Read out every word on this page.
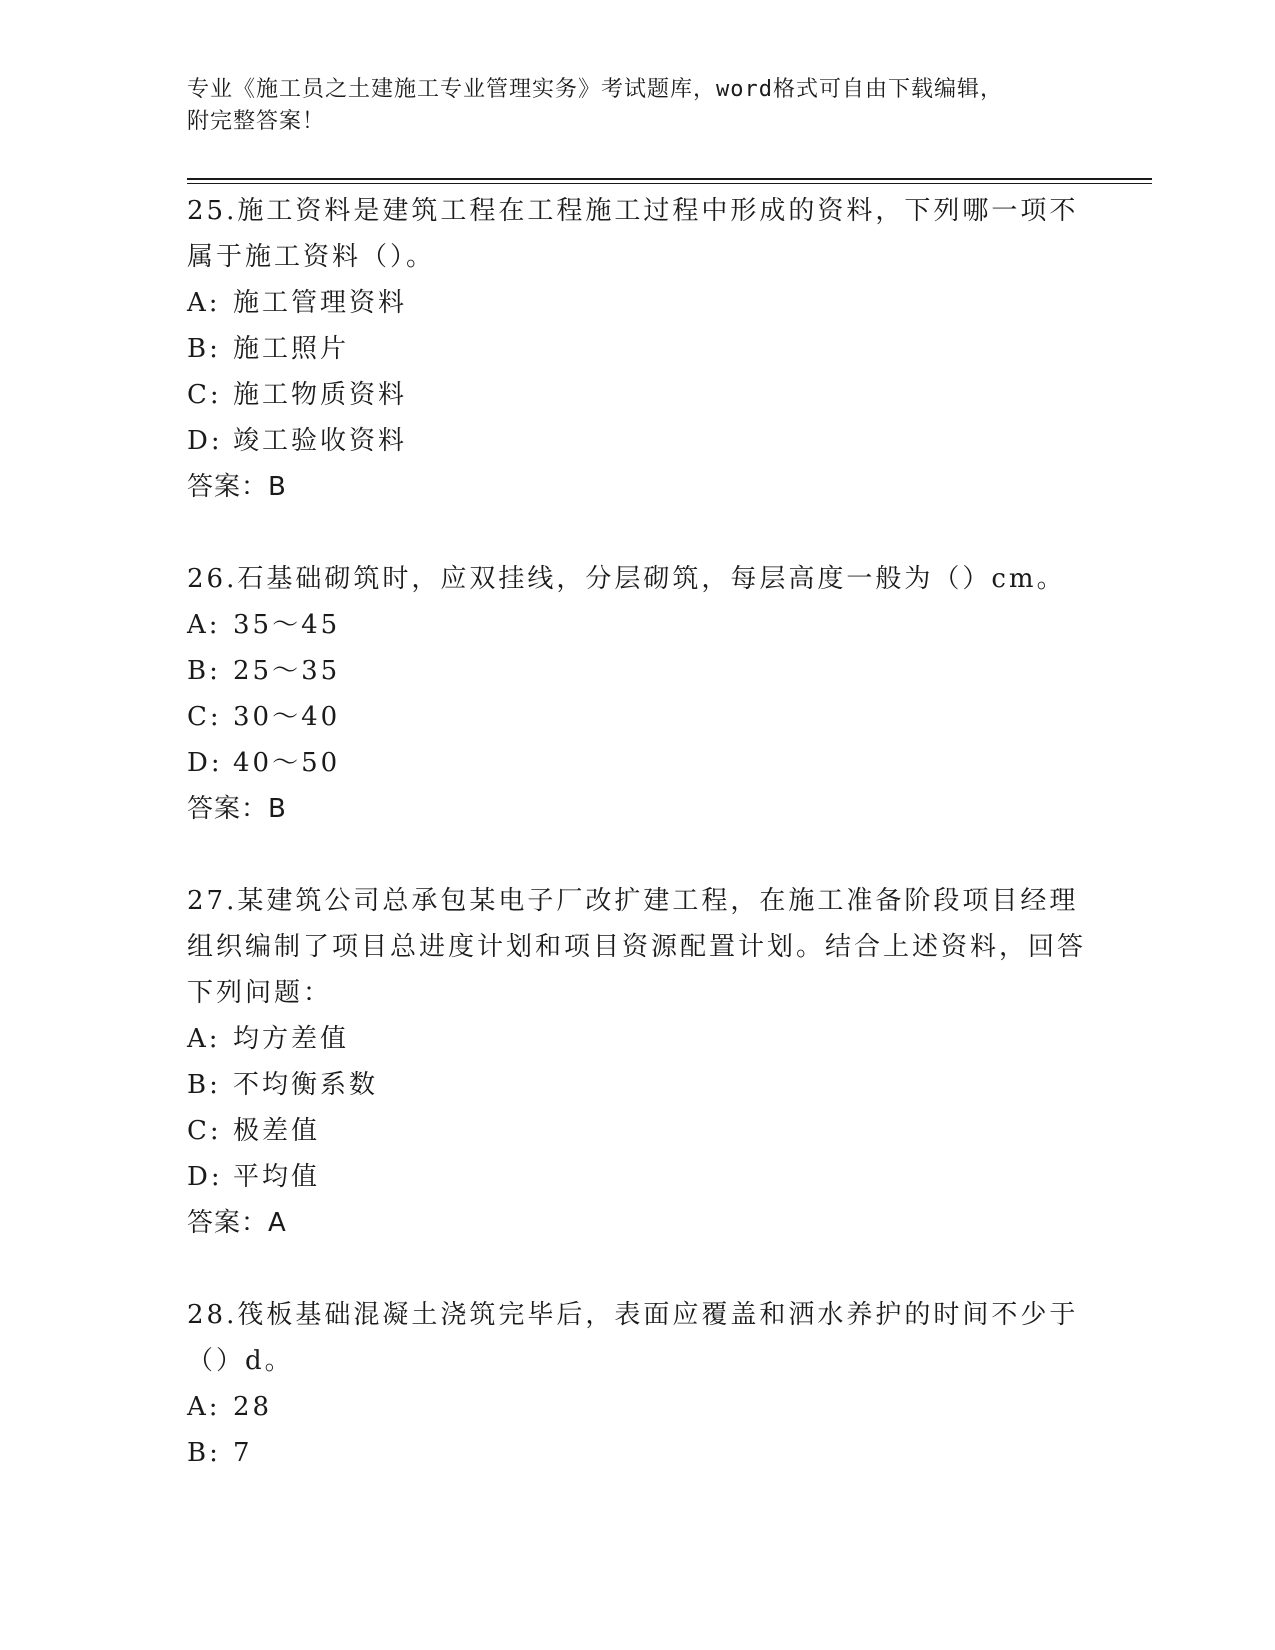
专业《施工员之土建施工专业管理实务》考试题库，word格式可自由下载编辑，
附完整答案！

25.施工资料是建筑工程在工程施工过程中形成的资料，下列哪一项不属于施工资料（）。

A: 施工管理资料

B: 施工照片

C: 施工物质资料

D: 竣工验收资料

答案：B

26.石基础砌筑时，应双挂线，分层砌筑，每层高度一般为（）cm。

A: 35～45

B: 25～35

C: 30～40

D: 40～50

答案：B

27.某建筑公司总承包某电子厂改扩建工程，在施工准备阶段项目经理组织编制了项目总进度计划和项目资源配置计划。结合上述资料，回答下列问题：

A: 均方差值

B: 不均衡系数

C: 极差值

D: 平均值

答案：A

28.筏板基础混凝土浇筑完毕后，表面应覆盖和洒水养护的时间不少于（）d。

A: 28

B: 7
